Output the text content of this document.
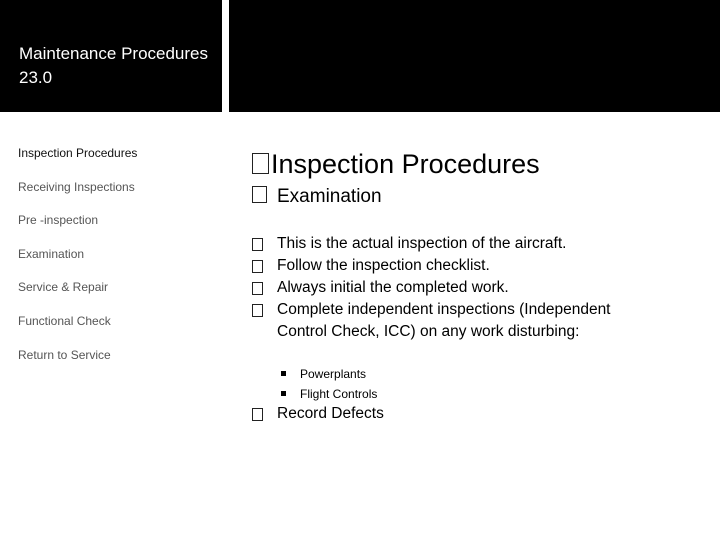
Maintenance Procedures 23.0
Inspection Procedures
Receiving Inspections
Pre -inspection
Examination
Service & Repair
Functional Check
Return to Service
Inspection Procedures
Examination
This is the actual inspection of the aircraft.
Follow the inspection checklist.
Always initial the completed work.
Complete independent inspections (Independent Control Check, ICC) on any work disturbing:
Powerplants
Flight Controls
Record Defects
